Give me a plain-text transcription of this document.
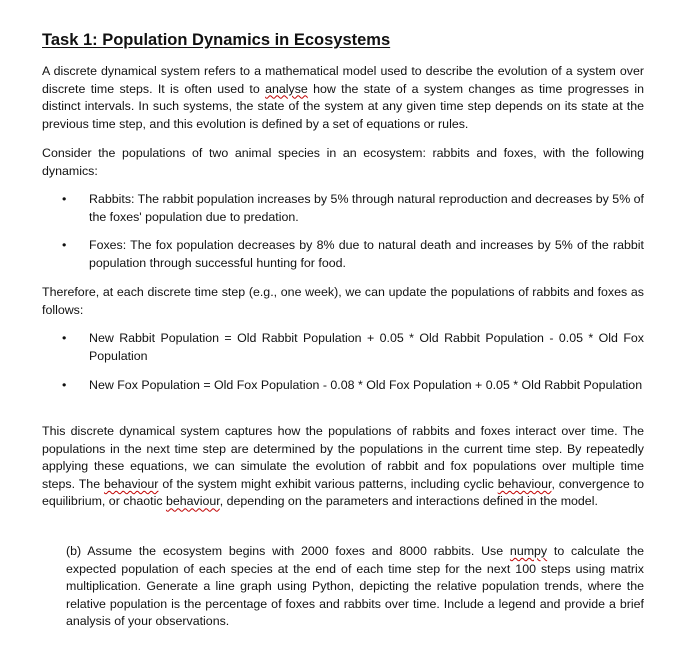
Task 1: Population Dynamics in Ecosystems

A discrete dynamical system refers to a mathematical model used to describe the evolution of a system over discrete time steps. It is often used to analyse how the state of a system changes as time progresses in distinct intervals. In such systems, the state of the system at any given time step depends on its state at the previous time step, and this evolution is defined by a set of equations or rules.

Consider the populations of two animal species in an ecosystem: rabbits and foxes, with the following dynamics:

•	Rabbits: The rabbit population increases by 5% through natural reproduction and decreases by 5% of the foxes' population due to predation.

•	Foxes: The fox population decreases by 8% due to natural death and increases by 5% of the rabbit population through successful hunting for food.

Therefore, at each discrete time step (e.g., one week), we can update the populations of rabbits and foxes as follows:

•	New Rabbit Population = Old Rabbit Population + 0.05 * Old Rabbit Population - 0.05 * Old Fox Population

•	New Fox Population = Old Fox Population - 0.08 * Old Fox Population + 0.05 * Old Rabbit Population

This discrete dynamical system captures how the populations of rabbits and foxes interact over time. The populations in the next time step are determined by the populations in the current time step. By repeatedly applying these equations, we can simulate the evolution of rabbit and fox populations over multiple time steps. The behaviour of the system might exhibit various patterns, including cyclic behaviour, convergence to equilibrium, or chaotic behaviour, depending on the parameters and interactions defined in the model.

(b) Assume the ecosystem begins with 2000 foxes and 8000 rabbits. Use numpy to calculate the expected population of each species at the end of each time step for the next 100 steps using matrix multiplication. Generate a line graph using Python, depicting the relative population trends, where the relative population is the percentage of foxes and rabbits over time. Include a legend and provide a brief analysis of your observations.
